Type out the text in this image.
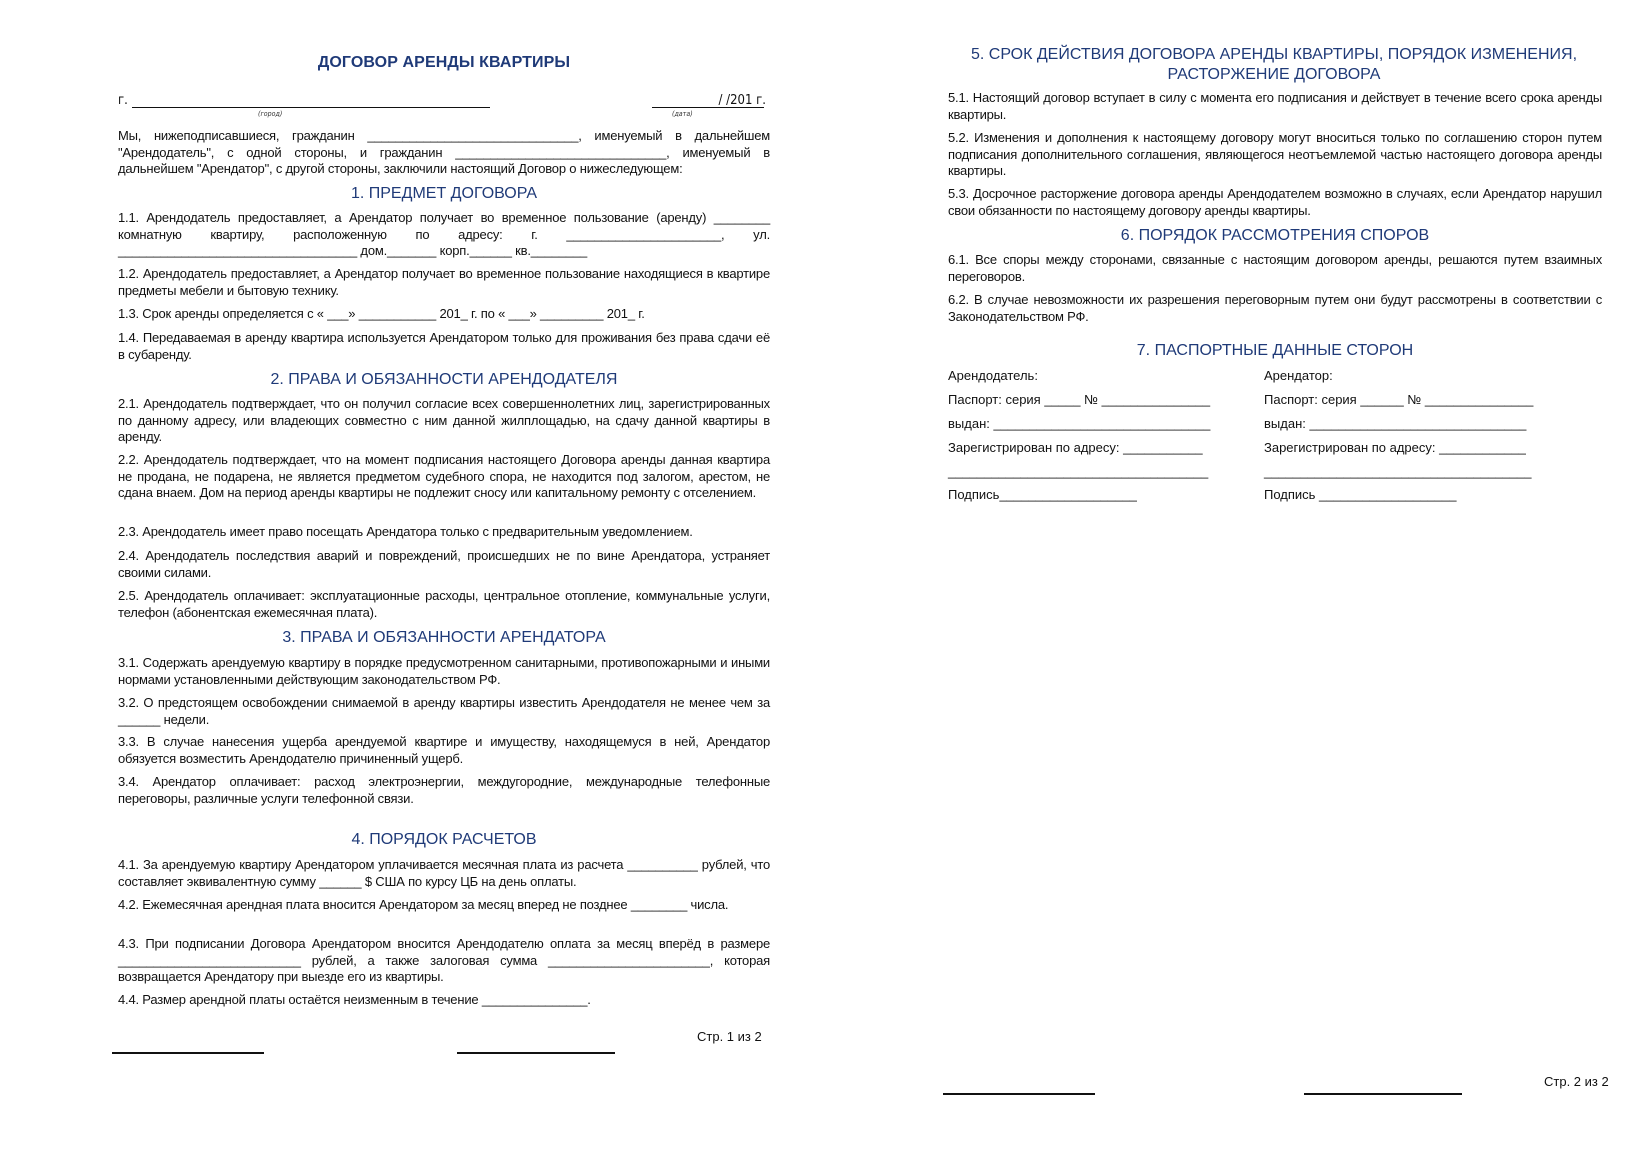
ДОГОВОР АРЕНДЫ КВАРТИРЫ
г.	/ /201 г.
(город)	(дата)
Мы, нижеподписавшиеся, гражданин ______________________________, именуемый в дальнейшем "Арендодатель", с одной стороны, и гражданин ______________________________, именуемый в дальнейшем "Арендатор", с другой стороны, заключили настоящий Договор о нижеследующем:
1. ПРЕДМЕТ ДОГОВОРА
1.1. Арендодатель предоставляет, а Арендатор получает во временное пользование (аренду) ________ комнатную квартиру, расположенную по адресу: г. ______________________, ул. __________________________________ дом._______ корп.______ кв.________
1.2. Арендодатель предоставляет, а Арендатор получает во временное пользование находящиеся в квартире предметы мебели и бытовую технику.
1.3. Срок аренды определяется с « ___» ___________ 201_ г. по « ___» _________ 201_ г.
1.4. Передаваемая в аренду квартира используется Арендатором только для проживания без права сдачи её в субаренду.
2. ПРАВА И ОБЯЗАННОСТИ АРЕНДОДАТЕЛЯ
2.1. Арендодатель подтверждает, что он получил согласие всех совершеннолетних лиц, зарегистрированных по данному адресу, или владеющих совместно с ним данной жилплощадью, на сдачу данной квартиры в аренду.
2.2. Арендодатель подтверждает, что на момент подписания настоящего Договора аренды данная квартира не продана, не подарена, не является предметом судебного спора, не находится под залогом, арестом, не сдана внаем. Дом на период аренды квартиры не подлежит сносу или капитальному ремонту с отселением.
2.3. Арендодатель имеет право посещать Арендатора только с предварительным уведомлением.
2.4. Арендодатель последствия аварий и повреждений, происшедших не по вине Арендатора, устраняет своими силами.
2.5. Арендодатель оплачивает: эксплуатационные расходы, центральное отопление, коммунальные услуги, телефон (абонентская ежемесячная плата).
3. ПРАВА И ОБЯЗАННОСТИ АРЕНДАТОРА
3.1. Содержать арендуемую квартиру в порядке предусмотренном санитарными, противопожарными и иными нормами установленными действующим законодательством РФ.
3.2. О предстоящем освобождении снимаемой в аренду квартиры известить Арендодателя не менее чем за ______ недели.
3.3. В случае нанесения ущерба арендуемой квартире и имуществу, находящемуся в ней, Арендатор обязуется возместить Арендодателю причиненный ущерб.
3.4. Арендатор оплачивает: расход электроэнергии, междугородние, международные телефонные переговоры, различные услуги телефонной связи.
4. ПОРЯДОК РАСЧЕТОВ
4.1. За арендуемую квартиру Арендатором уплачивается месячная плата из расчета __________ рублей, что составляет эквивалентную сумму ______ $ США по курсу ЦБ на день оплаты.
4.2. Ежемесячная арендная плата вносится Арендатором за месяц вперед не позднее ________ числа.
4.3. При подписании Договора Арендатором вносится Арендодателю оплата за месяц вперёд в размере __________________________ рублей, а также залоговая сумма _______________________, которая возвращается Арендатору при выезде его из квартиры.
4.4. Размер арендной платы остаётся неизменным в течение _______________.
Стр. 1 из 2
5. СРОК ДЕЙСТВИЯ ДОГОВОРА АРЕНДЫ КВАРТИРЫ, ПОРЯДОК ИЗМЕНЕНИЯ, РАСТОРЖЕНИЕ ДОГОВОРА
5.1. Настоящий договор вступает в силу с момента его подписания и действует в течение всего срока аренды квартиры.
5.2. Изменения и дополнения к настоящему договору могут вноситься только по соглашению сторон путем подписания дополнительного соглашения, являющегося неотъемлемой частью настоящего договора аренды квартиры.
5.3. Досрочное расторжение договора аренды Арендодателем возможно в случаях, если Арендатор нарушил свои обязанности по настоящему договору аренды квартиры.
6. ПОРЯДОК РАССМОТРЕНИЯ СПОРОВ
6.1. Все споры между сторонами, связанные с настоящим договором аренды, решаются путем взаимных переговоров.
6.2. В случае невозможности их разрешения переговорным путем они будут рассмотрены в соответствии с Законодательством РФ.
7. ПАСПОРТНЫЕ ДАННЫЕ СТОРОН
Арендодатель:
Паспорт: серия _____ № _______________
выдан: ______________________________
Зарегистрирован по адресу: ___________
____________________________________
Подпись___________________
Арендатор:
Паспорт: серия ______ № _______________
выдан: ______________________________
Зарегистрирован по адресу: ____________
_____________________________________
Подпись ___________________
Стр. 2 из 2
